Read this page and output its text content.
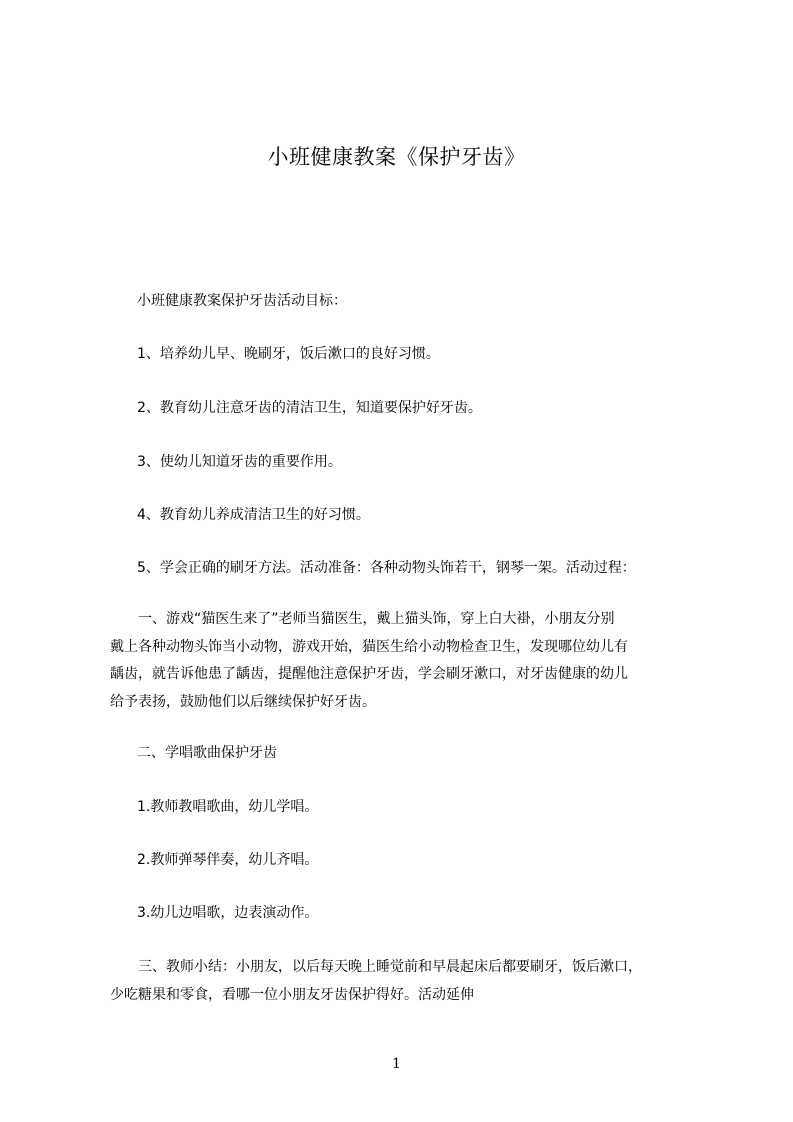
小班健康教案《保护牙齿》

小班健康教案保护牙齿活动目标：

1、培养幼儿早、晚刷牙，饭后漱口的良好习惯。

2、教育幼儿注意牙齿的清洁卫生，知道要保护好牙齿。

3、使幼儿知道牙齿的重要作用。

4、教育幼儿养成清洁卫生的好习惯。

5、学会正确的刷牙方法。活动准备：各种动物头饰若干，钢琴一架。活动过程：

一、游戏“猫医生来了”老师当猫医生，戴上猫头饰，穿上白大褂，小朋友分别
戴上各种动物头饰当小动物，游戏开始，猫医生给小动物检查卫生，发现哪位幼儿有
龋齿，就告诉他患了龋齿，提醒他注意保护牙齿，学会刷牙漱口，对牙齿健康的幼儿
给予表扬，鼓励他们以后继续保护好牙齿。

二、学唱歌曲保护牙齿

1.教师教唱歌曲，幼儿学唱。

2.教师弹琴伴奏，幼儿齐唱。

3.幼儿边唱歌，边表演动作。

三、教师小结：小朋友，以后每天晚上睡觉前和早晨起床后都要刷牙，饭后漱口，
少吃糖果和零食，看哪一位小朋友牙齿保护得好。活动延伸
1
